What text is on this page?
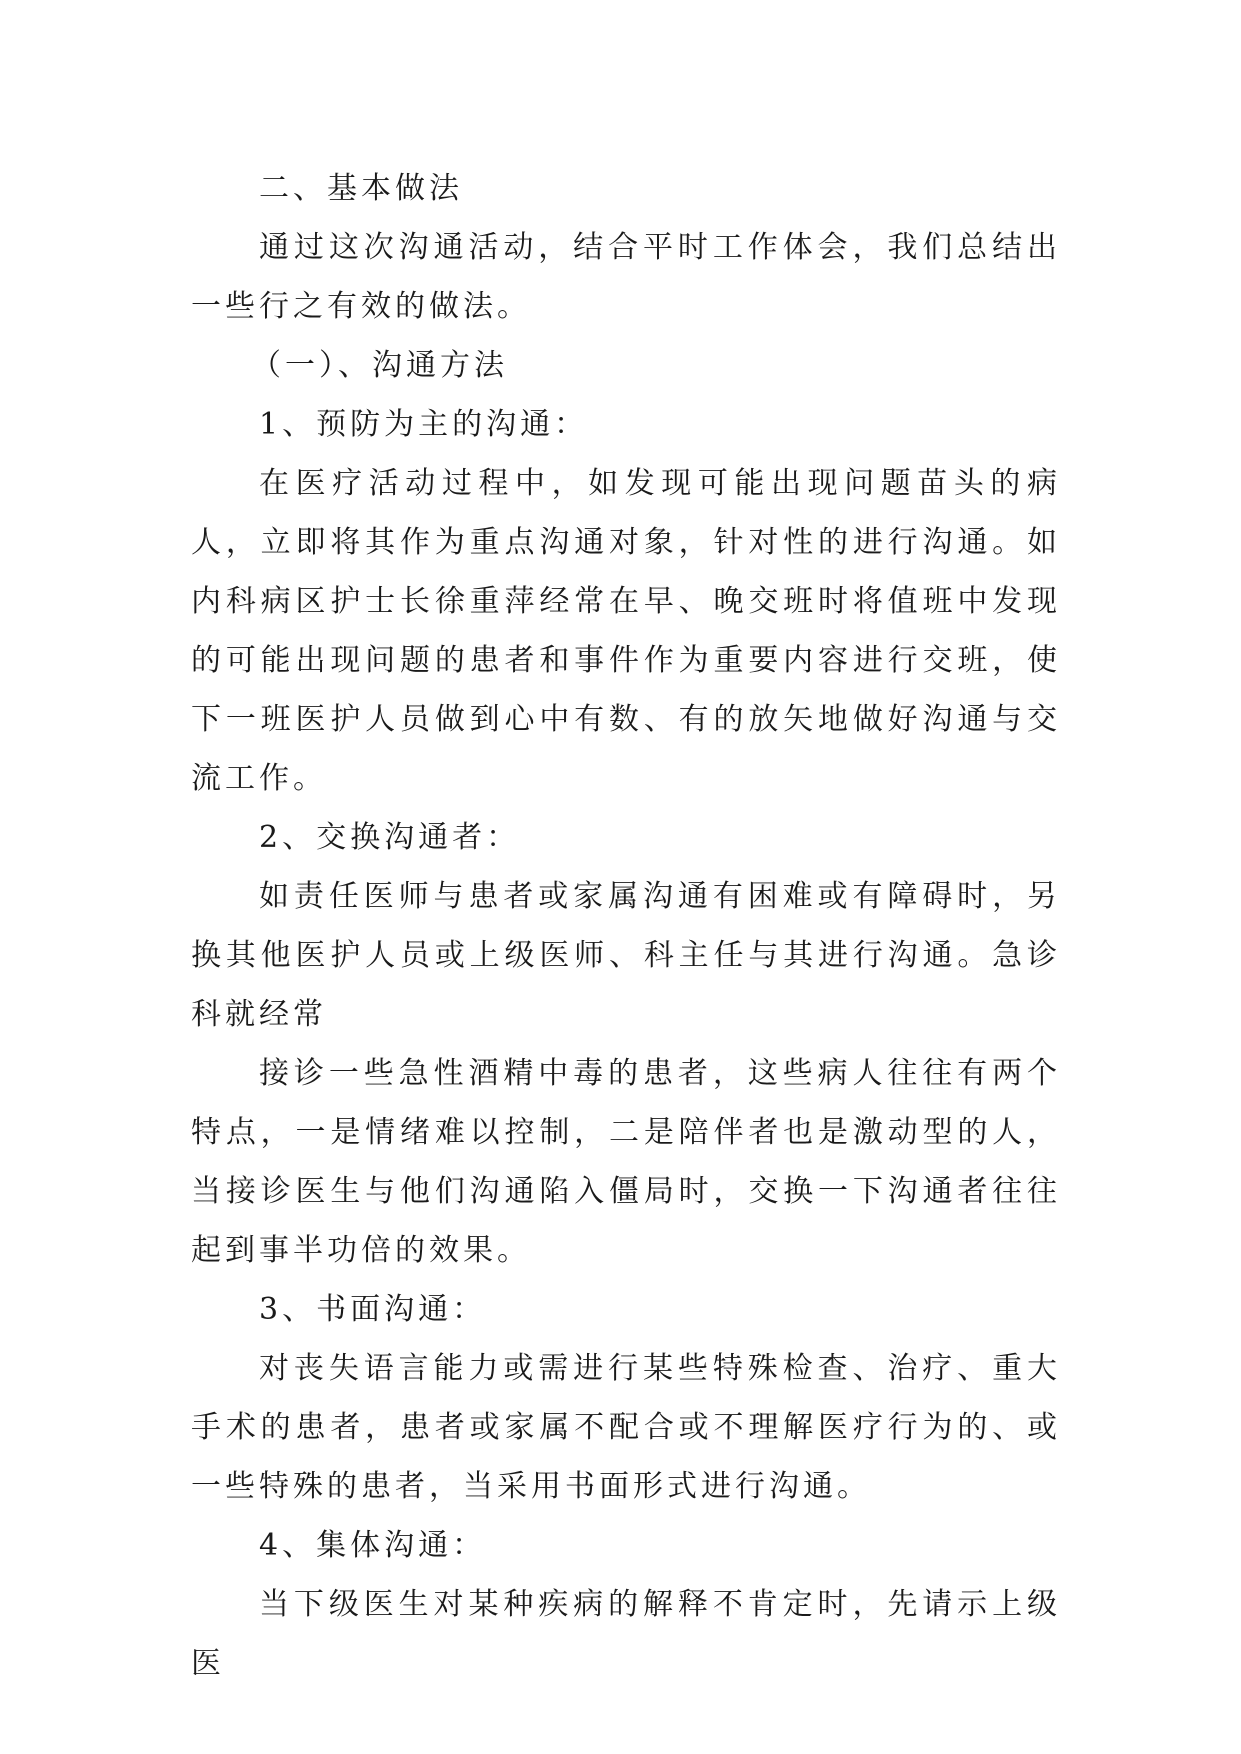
二、基本做法

通过这次沟通活动，结合平时工作体会，我们总结出一些行之有效的做法。

（一）、沟通方法

1、预防为主的沟通：

在医疗活动过程中，如发现可能出现问题苗头的病人，立即将其作为重点沟通对象，针对性的进行沟通。如内科病区护士长徐重萍经常在早、晚交班时将值班中发现的可能出现问题的患者和事件作为重要内容进行交班，使下一班医护人员做到心中有数、有的放矢地做好沟通与交流工作。

2、交换沟通者：

如责任医师与患者或家属沟通有困难或有障碍时，另换其他医护人员或上级医师、科主任与其进行沟通。急诊科就经常

接诊一些急性酒精中毒的患者，这些病人往往有两个特点，一是情绪难以控制，二是陪伴者也是激动型的人，当接诊医生与他们沟通陷入僵局时，交换一下沟通者往往起到事半功倍的效果。

3、书面沟通：

对丧失语言能力或需进行某些特殊检查、治疗、重大手术的患者，患者或家属不配合或不理解医疗行为的、或一些特殊的患者，当采用书面形式进行沟通。

4、集体沟通：

当下级医生对某种疾病的解释不肯定时，先请示上级医
